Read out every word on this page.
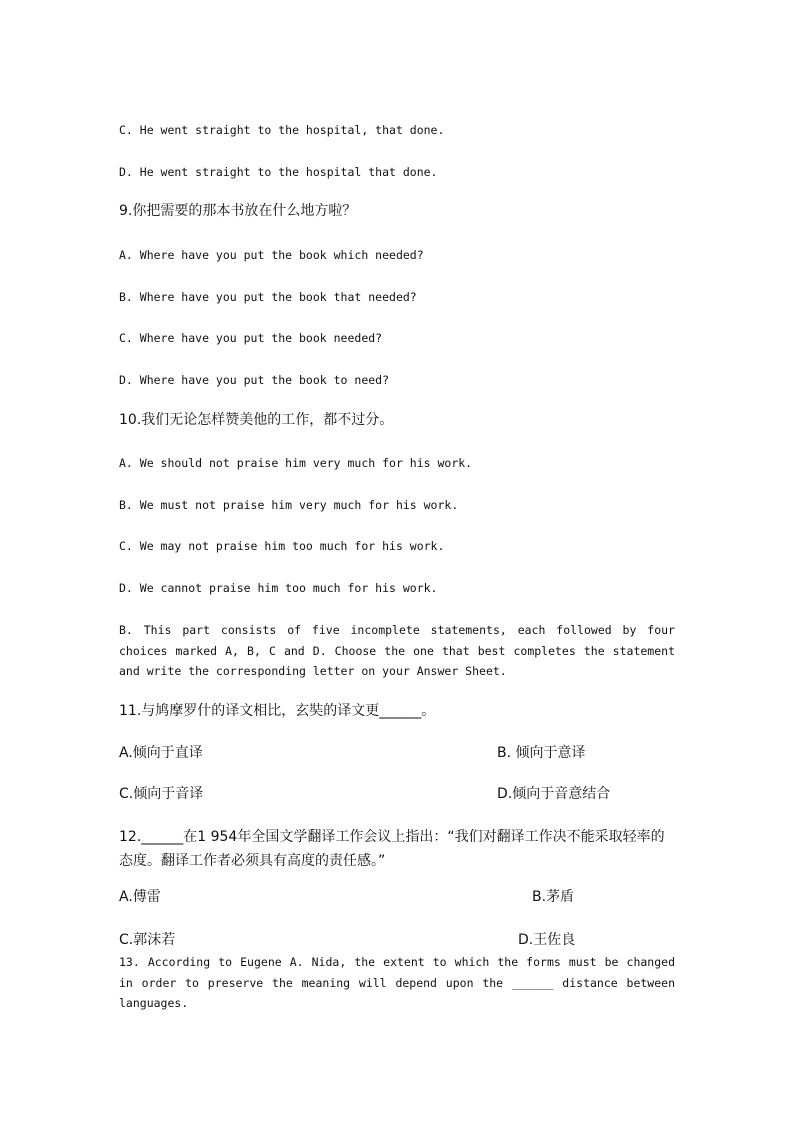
C. He went straight to the hospital, that done.
D. He went straight to the hospital that done.
9.你把需要的那本书放在什么地方啦？
A. Where have you put the book which needed?
B. Where have you put the book that needed?
C. Where have you put the book needed?
D. Where have you put the book to need?
10.我们无论怎样赞美他的工作，都不过分。
A. We should not praise him very much for his work.
B. We must not praise him very much for his work.
C. We may not praise him too much for his work.
D. We cannot praise him too much for his work.
B. This part consists of five incomplete statements, each followed by four choices marked A, B, C and D. Choose the one that best completes the statement and write the corresponding letter on your Answer Sheet.
11.与鸠摩罗什的译文相比，玄奘的译文更______。
A.倾向于直译	B. 倾向于意译
C.倾向于音译	D.倾向于音意结合
12.______在1 954年全国文学翻译工作会议上指出：“我们对翻译工作决不能采取轻率的态度。翻译工作者必须具有高度的责任感。”
A.傅雷	B.茅盾
C.郭沫若	D.王佐良
13. According to Eugene A. Nida, the extent to which the forms must be changed in order to preserve the meaning will depend upon the ______ distance between languages.
